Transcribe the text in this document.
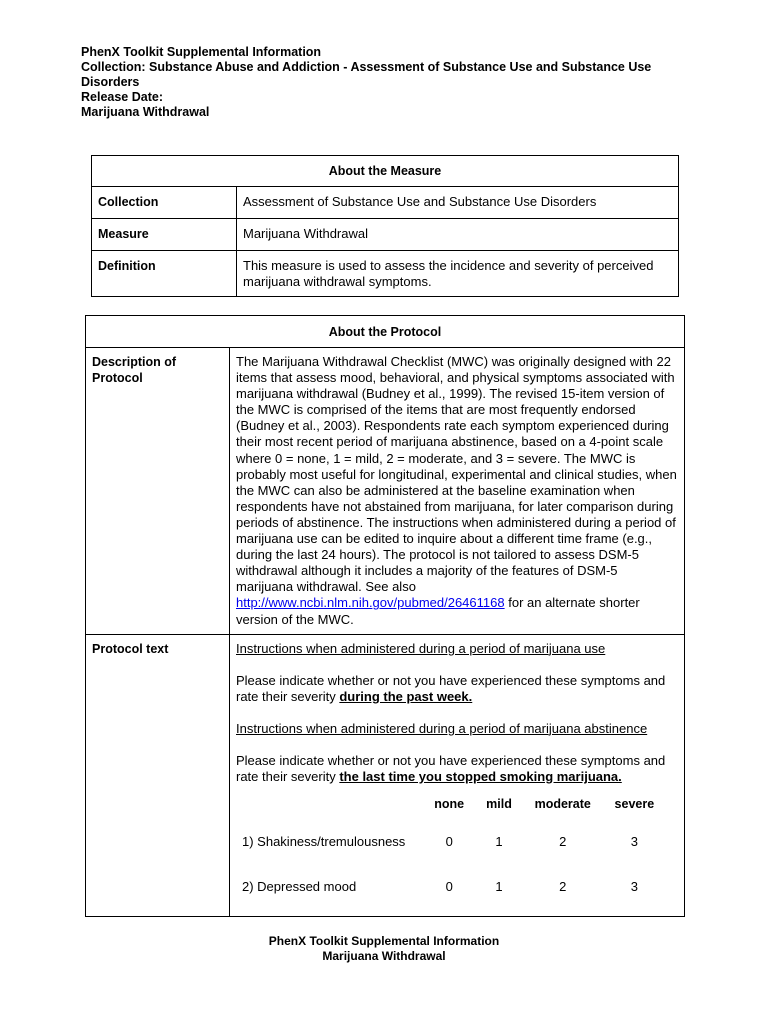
PhenX Toolkit Supplemental Information
Collection: Substance Abuse and Addiction - Assessment of Substance Use and Substance Use Disorders
Release Date:
Marijuana Withdrawal
About the Measure	
Collection	Assessment of Substance Use and Substance Use Disorders
Measure	Marijuana Withdrawal
Definition	This measure is used to assess the incidence and severity of perceived marijuana withdrawal symptoms.
About the Protocol
Description of Protocol	The Marijuana Withdrawal Checklist (MWC) was originally designed with 22 items that assess mood, behavioral, and physical symptoms associated with marijuana withdrawal (Budney et al., 1999). The revised 15-item version of the MWC is comprised of the items that are most frequently endorsed (Budney et al., 2003). Respondents rate each symptom experienced during their most recent period of marijuana abstinence, based on a 4-point scale where 0 = none, 1 = mild, 2 = moderate, and 3 = severe. The MWC is probably most useful for longitudinal, experimental and clinical studies, when the MWC can also be administered at the baseline examination when respondents have not abstained from marijuana, for later comparison during periods of abstinence. The instructions when administered during a period of marijuana use can be edited to inquire about a different time frame (e.g., during the last 24 hours). The protocol is not tailored to assess DSM-5 withdrawal although it includes a majority of the features of DSM-5 marijuana withdrawal. See also http://www.ncbi.nlm.nih.gov/pubmed/26461168 for an alternate shorter version of the MWC.
Protocol text	Instructions when administered during a period of marijuana use

Please indicate whether or not you have experienced these symptoms and rate their severity during the past week.

Instructions when administered during a period of marijuana abstinence

Please indicate whether or not you have experienced these symptoms and rate their severity the last time you stopped smoking marijuana.

	none	mild	moderate	severe
1) Shakiness/tremulousness	0	1	2	3
2) Depressed mood	0	1	2	3
PhenX Toolkit Supplemental Information
Marijuana Withdrawal
